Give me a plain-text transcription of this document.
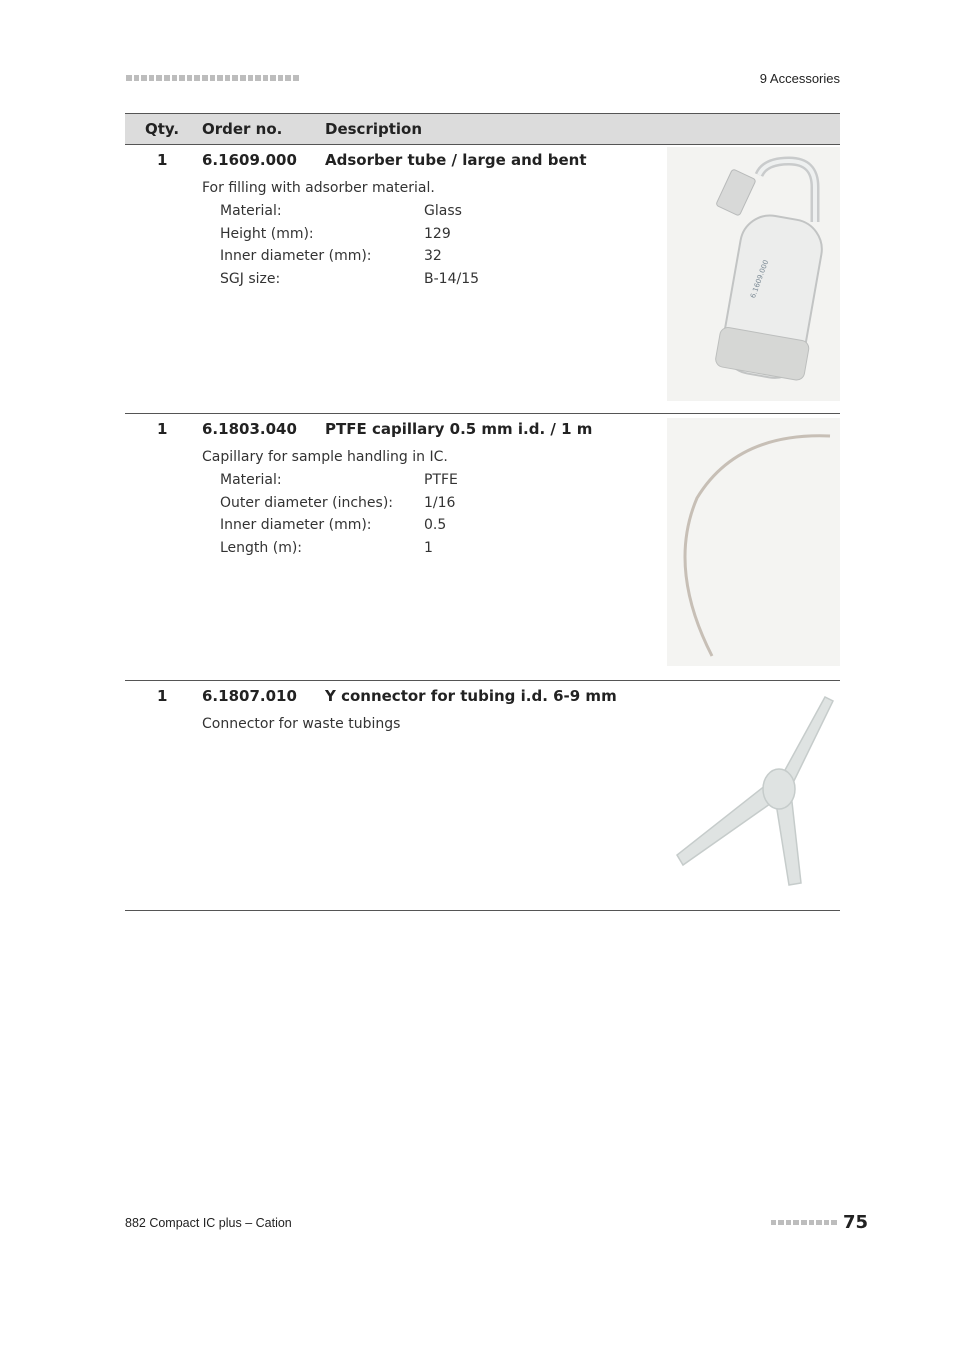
9 Accessories
Qty. Order no.	Description
1 6.1609.000 Adsorber tube / large and bent
For filling with adsorber material.
Material:	Glass
Height (mm):	129
Inner diameter (mm):	32
SGJ size:	B-14/15	6.1609.000
1 6.1803.040 PTFE capillary 0.5 mm i.d. / 1 m
Capillary for sample handling in IC.
Material:	PTFE
Outer diameter (inches):	1/16
Inner diameter (mm):	0.5
Length (m):	1
1 6.1807.010 Y connector for tubing i.d. 6-9 mm
Connector for waste tubings
882 Compact IC plus – Cation	75
